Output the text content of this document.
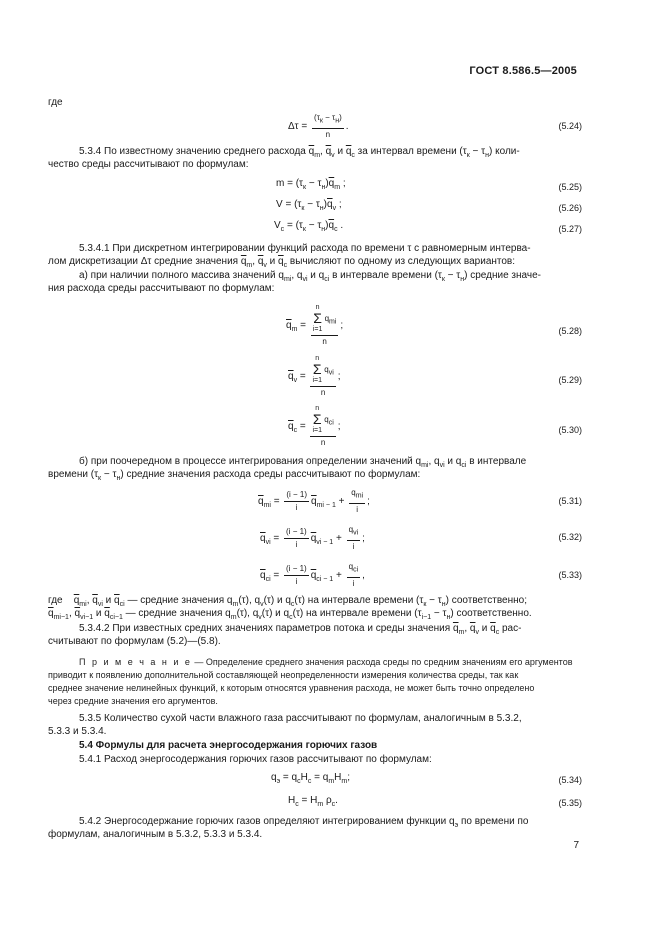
ГОСТ 8.586.5—2005
где
$\Delta\tau = \frac{(\tau_к - \tau_н)}{n}$ .	(5.24)
5.3.4 По известному значению среднего расхода $\overline{q}_m$, $\overline{q}_v$ и $\overline{q}_c$ за интервал времени $(\tau_к - \tau_н)$ коли-
чество среды рассчитывают по формулам:
$m = (\tau_к - \tau_н)\overline{q}_m$ ;	(5.25)
$V = (\tau_к - \tau_н)\overline{q}_v$ ;	(5.26)
$V_c = (\tau_к - \tau_н)\overline{q}_c$ .	(5.27)
5.3.4.1 При дискретном интегрировании функций расхода по времени τ с равномерным интерва-
лом дискретизации Δτ средние значения $\overline{q}_m$, $\overline{q}_v$ и $\overline{q}_c$ вычисляют по одному из следующих вариантов:
а) при наличии полного массива значений $q_{mi}$, $q_{vi}$ и $q_{ci}$ в интервале времени $(\tau_к - \tau_н)$ средние значе-
ния расхода среды рассчитывают по формулам:
$\overline{q}_m$ =
n
Σ
i=1 $q_{mi}$
n
;	(5.28)
$\overline{q}_v$ =
n
Σ
i=1 $q_{vi}$
n
;	(5.29)
$\overline{q}_c$ =
n
Σ
i=1 $q_{ci}$
n
;	(5.30)
б) при поочередном в процессе интегрирования определении значений $q_{mi}$, $q_{vi}$ и $q_{ci}$ в интервале
времени $(\tau_к - \tau_н)$ средние значения расхода среды рассчитывают по формулам:
$\overline{q}_{mi} = \frac{(i - 1)}{i} \overline{q}_{mi - 1} + \frac{q_{mi}}{i}$ ;	(5.31)
$\overline{q}_{vi} = \frac{(i - 1)}{i} \overline{q}_{vi - 1} + \frac{q_{vi}}{i}$ ;	(5.32)
$\overline{q}_{ci} = \frac{(i - 1)}{i} \overline{q}_{ci - 1} + \frac{q_{ci}}{i}$ ,	(5.33)
где $\overline{q}_{mi}$, $\overline{q}_{vi}$ и $\overline{q}_{ci}$ — средние значения $q_m(\tau)$, $q_v(\tau)$ и $q_c(\tau)$ на интервале времени $(\tau_к - \tau_н)$ соответственно;
$\overline{q}_{mi-1}$, $\overline{q}_{vi-1}$ и $\overline{q}_{ci-1}$ — средние значения $q_m(\tau)$, $q_v(\tau)$ и $q_c(\tau)$ на интервале времени $(\tau_{i-1} - \tau_н)$ соответственно.
5.3.4.2 При известных средних значениях параметров потока и среды значения $\overline{q}_m$, $\overline{q}_v$ и $\overline{q}_c$ рас-
считывают по формулам (5.2)—(5.8).
П р и м е ч а н и е — Определение среднего значения расхода среды по средним значениям его аргументов
приводит к появлению дополнительной составляющей неопределенности измерения количества среды, так как
среднее значение нелинейных функций, к которым относятся уравнения расхода, не может быть точно определено
через средние значения его аргументов.
5.3.5 Количество сухой части влажного газа рассчитывают по формулам, аналогичным в 5.3.2,
5.3.3 и 5.3.4.
5.4 Формулы для расчета энергосодержания горючих газов
5.4.1 Расход энергосодержания горючих газов рассчитывают по формулам:
$q_э = q_cH_c = q_mH_m$;	(5.34)
$H_c = H_m$ $\rho_c$.	(5.35)
5.4.2 Энергосодержание горючих газов определяют интегрированием функции $q_э$ по времени по
формулам, аналогичным в 5.3.2, 5.3.3 и 5.3.4.
7
